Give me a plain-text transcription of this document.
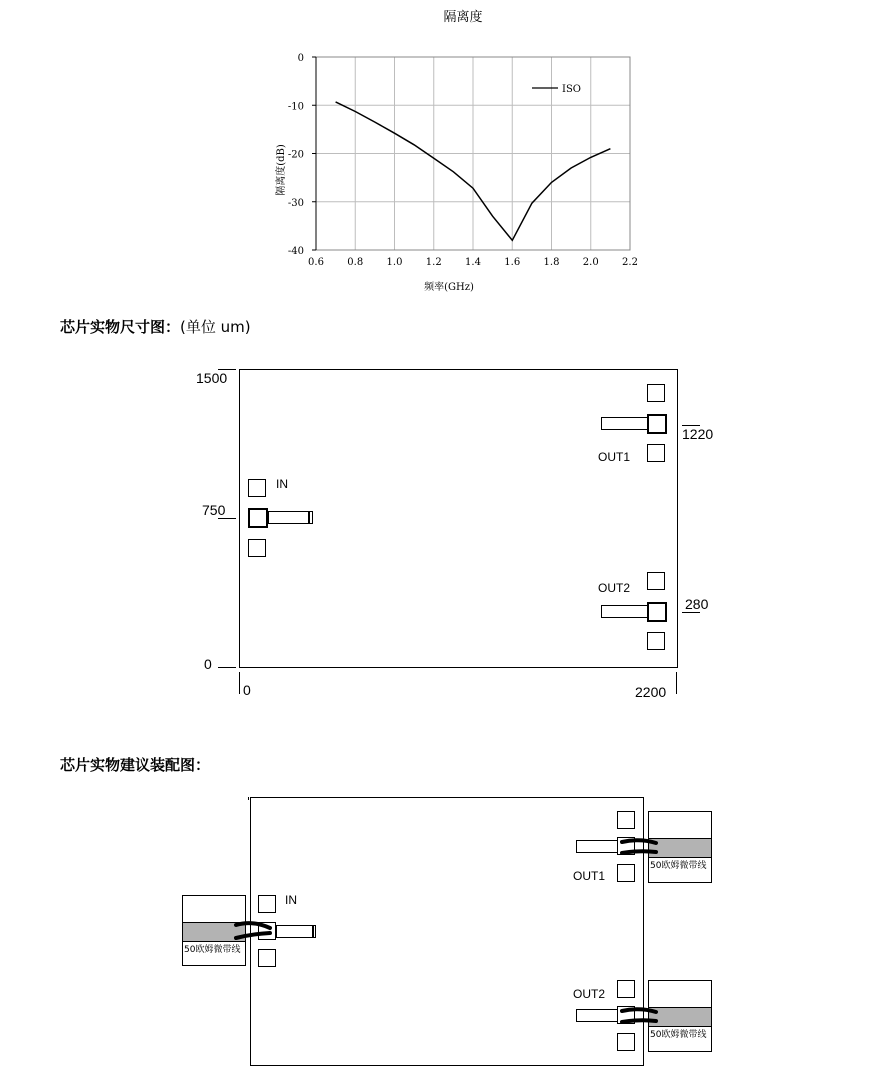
隔离度
0.6 0.8 1.0 1.2 1.4 1.6 1.8 2.0 2.2
0
-10
-20
-30
-40
ISO
频率(GHz)
隔离度(dB)
芯片实物尺寸图：(单位 um)
1500
750
0
0	2200
1220
280
IN
OUT1
OUT2
芯片实物建议装配图：
50欧姆微带线
IN
OUT1
50欧姆微带线
OUT2
50欧姆微带线
